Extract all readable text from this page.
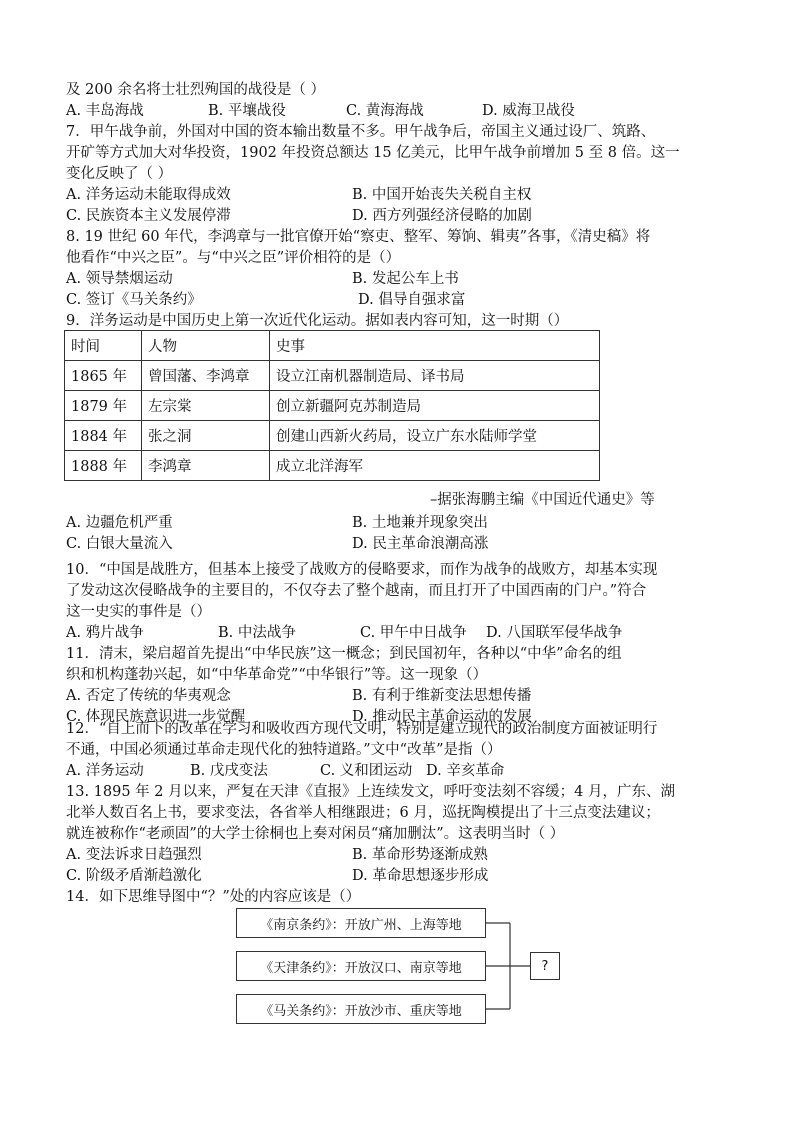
及 200 余名将士壮烈殉国的战役是（ ）
7．甲午战争前，外国对中国的资本输出数量不多。甲午战争后，帝国主义通过设厂、筑路、
开矿等方式加大对华投资，1902 年投资总额达 15 亿美元，比甲午战争前增加 5 至 8 倍。这一
变化反映了（ ）
8. 19 世纪 60 年代，李鸿章与一批官僚开始“察吏、整军、筹饷、辑夷”各事，《清史稿》将
他看作“中兴之臣”。与“中兴之臣”评价相符的是（）
9．洋务运动是中国历史上第一次近代化运动。据如表内容可知，这一时期（）
10．“中国是战胜方，但基本上接受了战败方的侵略要求，而作为战争的战败方，却基本实现
了发动这次侵略战争的主要目的，不仅夺去了整个越南，而且打开了中国西南的门户。”符合
这一史实的事件是（）
11．清末，梁启超首先提出“中华民族”这一概念；到民国初年，各种以“中华”命名的组
织和机构蓬勃兴起，如“中华革命党”“中华银行”等。这一现象（）
12．“自上而下的改革在学习和吸收西方现代文明，特别是建立现代的政治制度方面被证明行
不通，中国必须通过革命走现代化的独特道路。”文中“改革”是指（）
13. 1895 年 2 月以来，严复在天津《直报》上连续发文，呼吁变法刻不容缓；4 月，广东、湖
北举人数百名上书，要求变法，各省举人相继跟进；6 月，巡抚陶模提出了十三点变法建议；
就连被称作“老顽固”的大学士徐桐也上奏对闲员“痛加删汰”。这表明当时（ ）
14．如下思维导图中“？”处的内容应该是（）
A. 丰岛海战	B. 平壤战役	C. 黄海海战	D. 威海卫战役
A. 洋务运动未能取得成效	B. 中国开始丧失关税自主权
C. 民族资本主义发展停滞	D. 西方列强经济侵略的加剧
A. 领导禁烟运动	B. 发起公车上书
C. 签订《马关条约》	D. 倡导自强求富
A. 边疆危机严重	B. 土地兼并现象突出
C. 白银大量流入	D. 民主革命浪潮高涨
A. 鸦片战争	B. 中法战争	C. 甲午中日战争 D. 八国联军侵华战争
A. 否定了传统的华夷观念	B. 有利于维新变法思想传播
C. 体现民族意识进一步觉醒	D. 推动民主革命运动的发展
A. 洋务运动	B. 戊戌变法	C. 义和团运动 D. 辛亥革命
A. 变法诉求日趋强烈	B. 革命形势逐渐成熟
C. 阶级矛盾渐趋激化	D. 革命思想逐步形成
时间	人物	史事
1865 年	曾国藩、李鸿章	设立江南机器制造局、译书局
1879 年	左宗棠	创立新疆阿克苏制造局
1884 年	张之洞	创建山西新火药局，设立广东水陆师学堂
1888 年	李鸿章	成立北洋海军
–据张海鹏主编《中国近代通史》等
《南京条约》：开放广州、上海等地
《天津条约》：开放汉口、南京等地
《马关条约》：开放沙市、重庆等地
?
